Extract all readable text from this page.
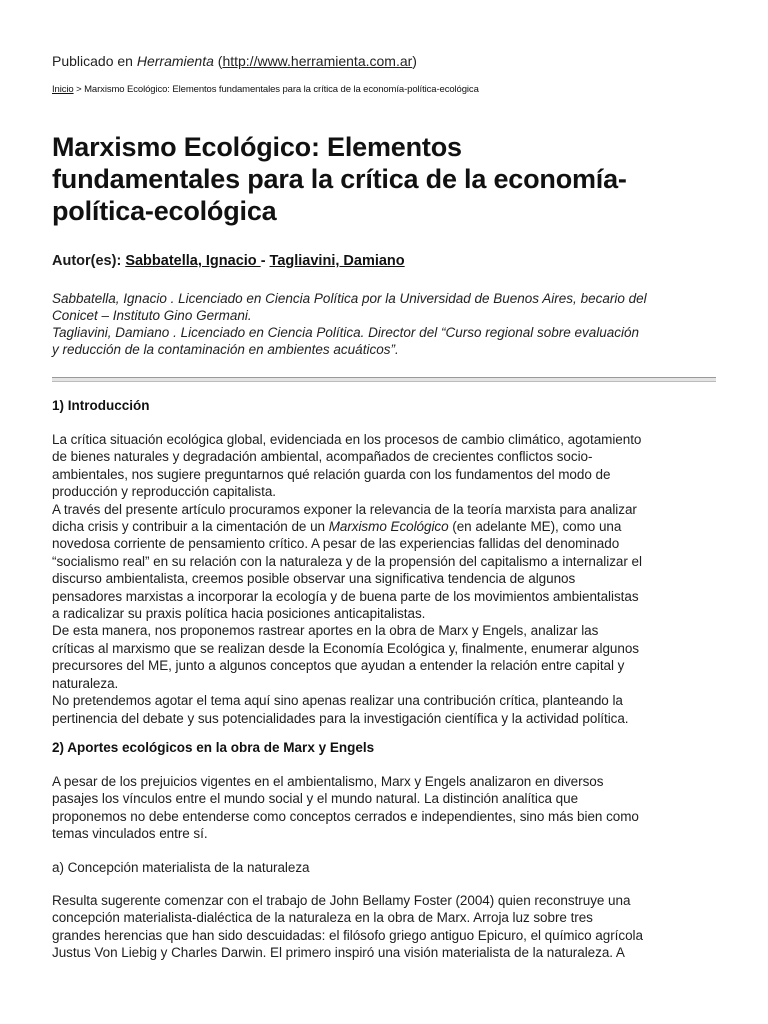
Publicado en Herramienta (http://www.herramienta.com.ar)
Inicio > Marxismo Ecológico: Elementos fundamentales para la crítica de la economía-política-ecológica
Marxismo Ecológico: Elementos
fundamentales para la crítica de la economía-
política-ecológica
Autor(es): Sabbatella, Ignacio - Tagliavini, Damiano
Sabbatella, Ignacio . Licenciado en Ciencia Política por la Universidad de Buenos Aires, becario del
Conicet – Instituto Gino Germani.
Tagliavini, Damiano . Licenciado en Ciencia Política. Director del “Curso regional sobre evaluación
y reducción de la contaminación en ambientes acuáticos”.
1) Introducción

La crítica situación ecológica global, evidenciada en los procesos de cambio climático, agotamiento
de bienes naturales y degradación ambiental, acompañados de crecientes conflictos socio-
ambientales, nos sugiere preguntarnos qué relación guarda con los fundamentos del modo de
producción y reproducción capitalista.
A través del presente artículo procuramos exponer la relevancia de la teoría marxista para analizar
dicha crisis y contribuir a la cimentación de un Marxismo Ecológico (en adelante ME), como una
novedosa corriente de pensamiento crítico. A pesar de las experiencias fallidas del denominado
“socialismo real” en su relación con la naturaleza y de la propensión del capitalismo a internalizar el
discurso ambientalista, creemos posible observar una significativa tendencia de algunos
pensadores marxistas a incorporar la ecología y de buena parte de los movimientos ambientalistas
a radicalizar su praxis política hacia posiciones anticapitalistas.
De esta manera, nos proponemos rastrear aportes en la obra de Marx y Engels, analizar las
críticas al marxismo que se realizan desde la Economía Ecológica y, finalmente, enumerar algunos
precursores del ME, junto a algunos conceptos que ayudan a entender la relación entre capital y
naturaleza.
No pretendemos agotar el tema aquí sino apenas realizar una contribución crítica, planteando la
pertinencia del debate y sus potencialidades para la investigación científica y la actividad política.

2) Aportes ecológicos en la obra de Marx y Engels

A pesar de los prejuicios vigentes en el ambientalismo, Marx y Engels analizaron en diversos
pasajes los vínculos entre el mundo social y el mundo natural. La distinción analítica que
proponemos no debe entenderse como conceptos cerrados e independientes, sino más bien como
temas vinculados entre sí.

a) Concepción materialista de la naturaleza

Resulta sugerente comenzar con el trabajo de John Bellamy Foster (2004) quien reconstruye una
concepción materialista-dialéctica de la naturaleza en la obra de Marx. Arroja luz sobre tres
grandes herencias que han sido descuidadas: el filósofo griego antiguo Epicuro, el químico agrícola
Justus Von Liebig y Charles Darwin. El primero inspiró una visión materialista de la naturaleza. A
